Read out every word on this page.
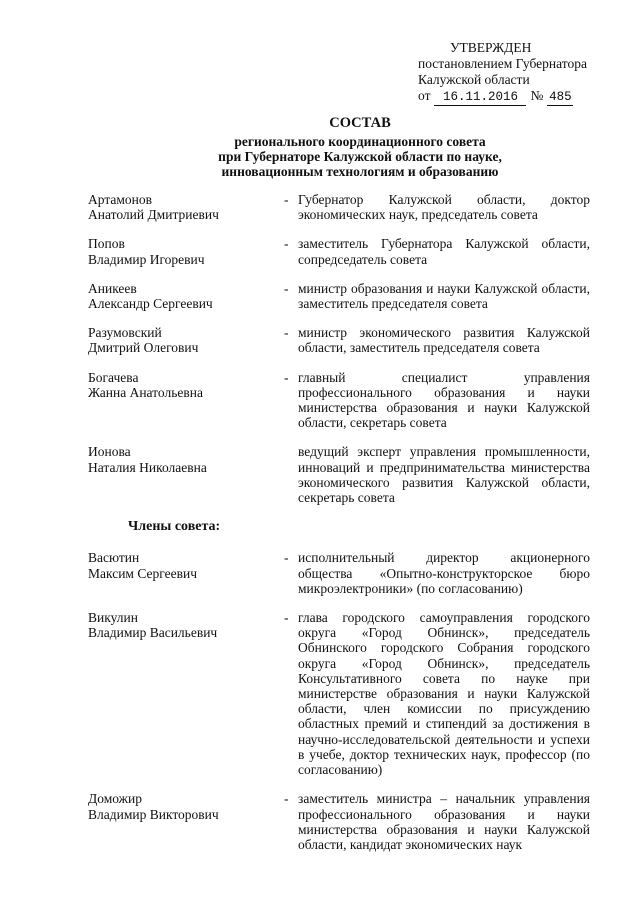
УТВЕРЖДЕН
постановлением Губернатора
Калужской области
от 16.11.2016 № 485
СОСТАВ
регионального координационного совета
при Губернаторе Калужской области по науке,
инновационным технологиям и образованию
Артамонов
Анатолий Дмитриевич
- Губернатор Калужской области, доктор экономических наук, председатель совета
Попов
Владимир Игоревич
- заместитель Губернатора Калужской области, сопредседатель совета
Аникеев
Александр Сергеевич
- министр образования и науки Калужской области, заместитель председателя совета
Разумовский
Дмитрий Олегович
- министр экономического развития Калужской области, заместитель председателя совета
Богачева
Жанна Анатольевна
- главный специалист управления профессионального образования и науки министерства образования и науки Калужской области, секретарь совета
Ионова
Наталия Николаевна
ведущий эксперт управления промышленности, инноваций и предпринимательства министерства экономического развития Калужской области, секретарь совета
Члены совета:
Васютин
Максим Сергеевич
- исполнительный директор акционерного общества «Опытно-конструкторское бюро микроэлектроники» (по согласованию)
Викулин
Владимир Васильевич
- глава городского самоуправления городского округа «Город Обнинск», председатель Обнинского городского Собрания городского округа «Город Обнинск», председатель Консультативного совета по науке при министерстве образования и науки Калужской области, член комиссии по присуждению областных премий и стипендий за достижения в научно-исследовательской деятельности и успехи в учебе, доктор технических наук, профессор (по согласованию)
Доможир
Владимир Викторович
- заместитель министра – начальник управления профессионального образования и науки министерства образования и науки Калужской области, кандидат экономических наук
